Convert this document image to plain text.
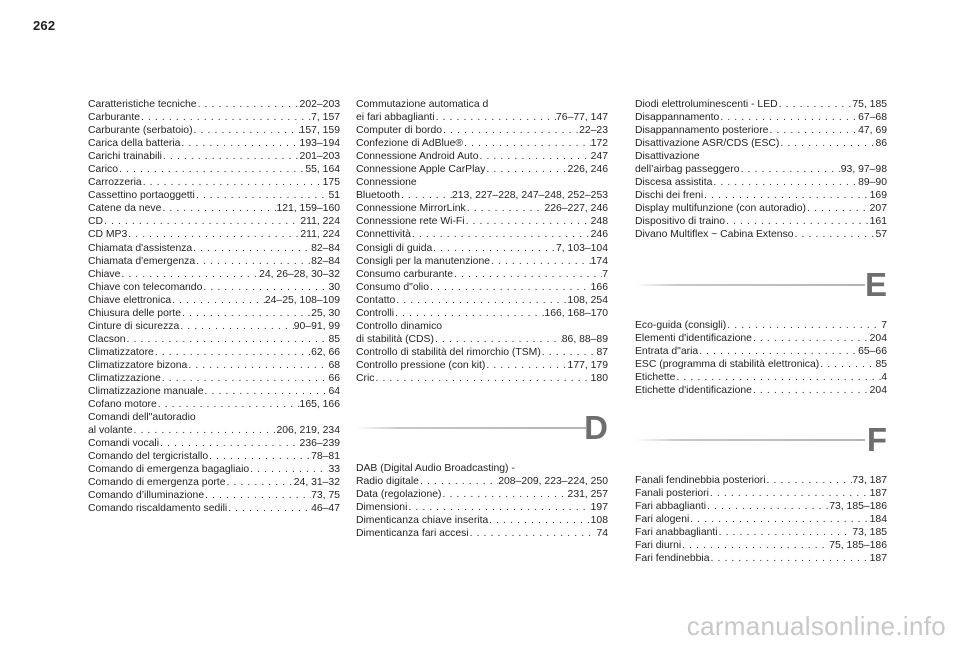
262
Caratteristiche tecniche . . .	202–203
Carburante . . .	7, 157
Carburante (serbatoio) . . .	157, 159
Carica della batteria . . .	193–194
Carichi trainabili . . .	201–203
Carico . . .	55, 164
Carrozzeria . . .	175
Cassettino portaoggetti . . .	51
Catene da neve . . .	121, 159–160
CD . . .	211, 224
CD MP3 . . .	211, 224
Chiamata d'assistenza . . .	82–84
Chiamata d'emergenza . . .	82–84
Chiave . . .	24, 26–28, 30–32
Chiave con telecomando . . .	30
Chiave elettronica . . .	24–25, 108–109
Chiusura delle porte . . .	25, 30
Cinture di sicurezza . . .	90–91, 99
Clacson . . .	85
Climatizzatore . . .	62, 66
Climatizzatore bizona . . .	68
Climatizzazione . . .	66
Climatizzazione manuale . . .	64
Cofano motore . . .	165, 166
Comandi dell"autoradio
al volante . . .	206, 219, 234
Comandi vocali . . .	236–239
Comando del tergicristallo . . .	78–81
Comando di emergenza bagagliaio . . .	33
Comando di emergenza porte . . .	24, 31–32
Comando d’illuminazione . . .	73, 75
Comando riscaldamento sedili . . .	46–47
Commutazione automatica d
ei fari abbaglianti . . .	76–77, 147
Computer di bordo . . .	22–23
Confezione di AdBlue® . . .	172
Connessione Android Auto . . .	247
Connessione Apple CarPlay . . .	226, 246
Connessione
Bluetooth . . .	213, 227–228, 247–248, 252–253
Connessione MirrorLink . . .	226–227, 246
Connessione rete Wi-Fi . . .	248
Connettività . . .	246
Consigli di guida . . .	7, 103–104
Consigli per la manutenzione . . .	174
Consumo carburante . . .	7
Consumo d"olio . . .	166
Contatto . . .	108, 254
Controlli . . .	166, 168–170
Controllo dinamico
di stabilità (CDS) . . .	86, 88–89
Controllo di stabilità del rimorchio (TSM) . . .	87
Controllo pressione (con kit) . . .	177, 179
Cric . . .	180
D
DAB (Digital Audio Broadcasting) -
Radio digitale . . .	208–209, 223–224, 250
Data (regolazione) . . .	231, 257
Dimensioni . . .	197
Dimenticanza chiave inserita . . .	108
Dimenticanza fari accesi . . .	74
Diodi elettroluminescenti - LED . . .	75, 185
Disappannamento . . .	67–68
Disappannamento posteriore . . .	47, 69
Disattivazione ASR/CDS (ESC) . . .	86
Disattivazione
dell’airbag passeggero . . .	93, 97–98
Discesa assistita . . .	89–90
Dischi dei freni . . .	169
Display multifunzione (con autoradio) . . .	207
Dispositivo di traino . . .	161
Divano Multiflex ~ Cabina Extenso . . .	57
E
Eco-guida (consigli) . . .	7
Elementi d'identificazione . . .	204
Entrata d"aria . . .	65–66
ESC (programma di stabilità elettronica) . . .	85
Etichette . . .	4
Etichette d'identificazione . . .	204
F
Fanali fendinebbia posteriori . . .	73, 187
Fanali posteriori . . .	187
Fari abbaglianti . . .	73, 185–186
Fari alogeni . . .	184
Fari anabbaglianti . . .	73, 185
Fari diurni . . .	75, 185–186
Fari fendinebbia . . .	187
carmanualsonline.info
